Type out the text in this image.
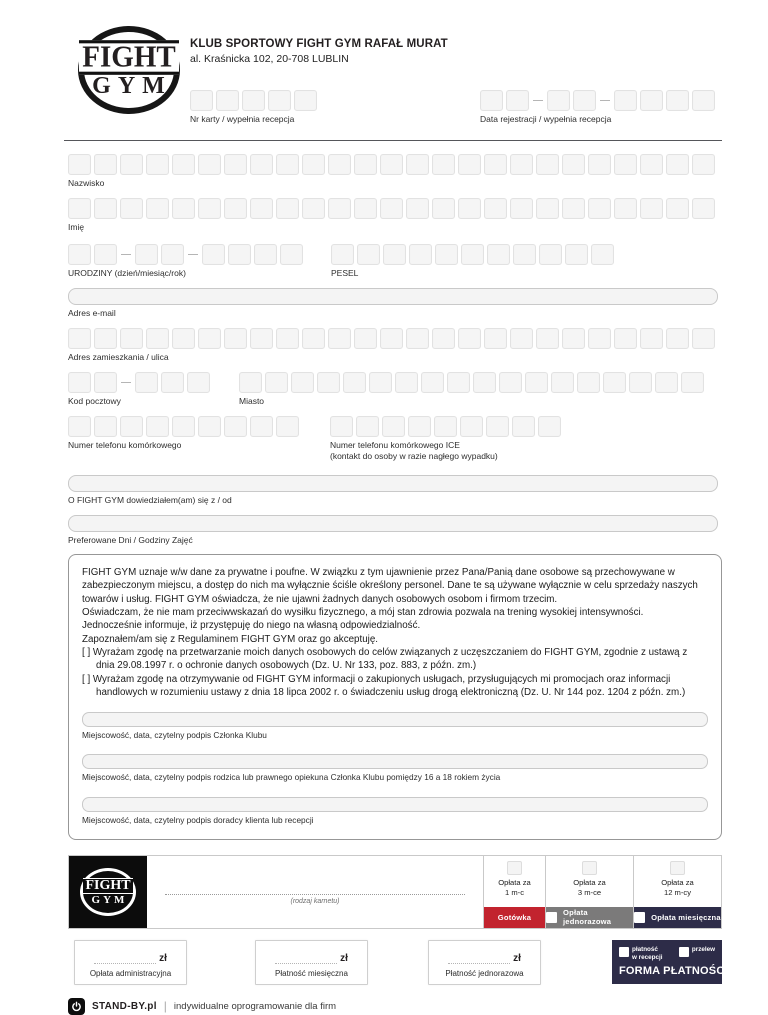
FIGHT
GYM
KLUB SPORTOWY FIGHT GYM RAFAŁ MURAT
al. Kraśnicka 102, 20-708 LUBLIN
Nr karty / wypełnia recepcja	Data rejestracji / wypełnia recepcja
Nazwisko
Imię
URODZINY (dzień/miesiąc/rok)	PESEL
Adres e-mail
Adres zamieszkania / ulica
Kod pocztowy	Miasto
Numer telefonu komórkowego	Numer telefonu komórkowego ICE
(kontakt do osoby w razie nagłego wypadku)
O FIGHT GYM dowiedziałem(am) się z / od
Preferowane Dni / Godziny Zajęć

FIGHT GYM uznaje w/w dane za prywatne i poufne. W związku z tym ujawnienie przez Pana/Panią dane osobowe są przechowywane w zabezpieczonym miejscu, a dostęp do nich ma wyłącznie ściśle określony personel. Dane te są używane wyłącznie w celu sprzedaży naszych towarów i usług. FIGHT GYM oświadcza, że nie ujawni żadnych danych osobowych osobom i firmom trzecim.

Oświadczam, że nie mam przeciwwskazań do wysiłku fizycznego, a mój stan zdrowia pozwala na trening wysokiej intensywności.

Jednocześnie informuje, iż przystępuję do niego na własną odpowiedzialność.

Zapoznałem/am się z Regulaminem FIGHT GYM oraz go akceptuję.

[ ] Wyrażam zgodę na przetwarzanie moich danych osobowych do celów związanych z uczęszczaniem do FIGHT GYM, zgodnie z ustawą z dnia 29.08.1997 r. o ochronie danych osobowych (Dz. U. Nr 133, poz. 883, z późn. zm.)

[ ] Wyrażam zgodę na otrzymywanie od FIGHT GYM informacji o zakupionych usługach, przysługujących mi promocjach oraz informacji handlowych w rozumieniu ustawy z dnia 18 lipca 2002 r. o świadczeniu usług drogą elektroniczną (Dz. U. Nr 144 poz. 1204 z późn. zm.)

Miejscowość, data, czytelny podpis Członka Klubu
Miejscowość, data, czytelny podpis rodzica lub prawnego opiekuna Członka Klubu pomiędzy 16 a 18 rokiem życia
Miejscowość, data, czytelny podpis doradcy klienta lub recepcji
FIGHT
GYM	(rodzaj karnetu)
Opłata za
1 m-c
Gotówka
Opłata za
3 m-ce
Opłata jednorazowa
Opłata za
12 m-cy
Opłata miesięczna
zł
Opłata administracyjna
zł
Płatność miesięczna
zł
Płatność jednorazowa
płatność
w recepcji
przelew
FORMA PŁATNOŚCI
STAND-BY.pl | indywidualne oprogramowanie dla firm
